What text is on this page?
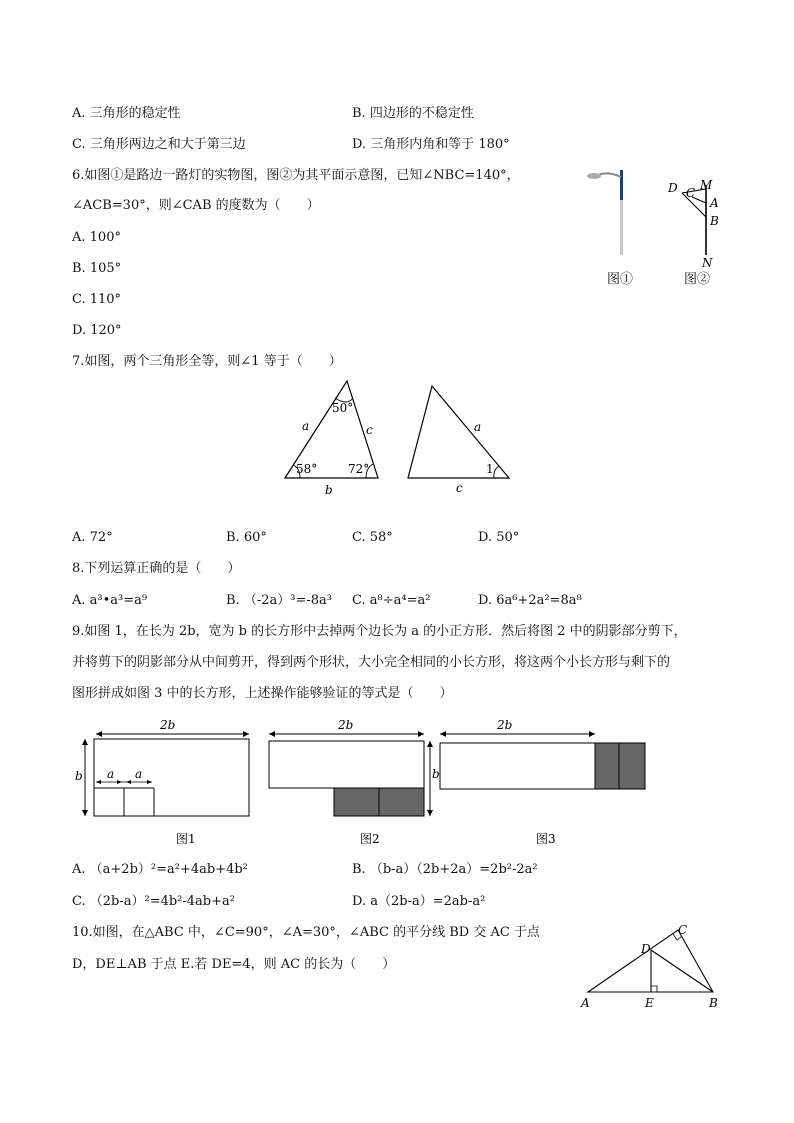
A. 三角形的稳定性	B. 四边形的不稳定性
C. 三角形两边之和大于第三边	D. 三角形内角和等于 180°
6.如图①是路边一路灯的实物图，图②为其平面示意图，已知∠NBC=140°，
∠ACB=30°，则∠CAB 的度数为（　　）
A. 100°
B. 105°
C. 110°
D. 120°
图①
D C
M
A
B
N
图②
7.如图，两个三角形全等，则∠1 等于（　　）
50°
58°	72°
a	c
b
a
c
1
A. 72°	B. 60°	C. 58°	D. 50°
8.下列运算正确的是（　　）
A. a³•a³=a⁹	B. （-2a）³=-8a³ C. a⁸÷a⁴=a²	D. 6a⁶+2a²=8a⁸
9.如图 1，在长为 2b，宽为 b 的长方形中去掉两个边长为 a 的小正方形．然后将图 2 中的阴影部分剪下，
并将剪下的阴影部分从中间剪开，得到两个形状，大小完全相同的小长方形，将这两个小长方形与剩下的
图形拼成如图 3 中的长方形，上述操作能够验证的等式是（　　）
2b
b a a
图1
2b
b
图2
2b
图3
A. （a+2b）²=a²+4ab+4b²	B. （b-a）（2b+2a）=2b²-2a²
C. （2b-a）²=4b²-4ab+a²	D. a（2b-a）=2ab-a²
10.如图，在△ABC 中，∠C=90°，∠A=30°，∠ABC 的平分线 BD 交 AC 于点
D，DE⊥AB 于点 E.若 DE=4，则 AC 的长为（　　）
A	B
C
D
E
